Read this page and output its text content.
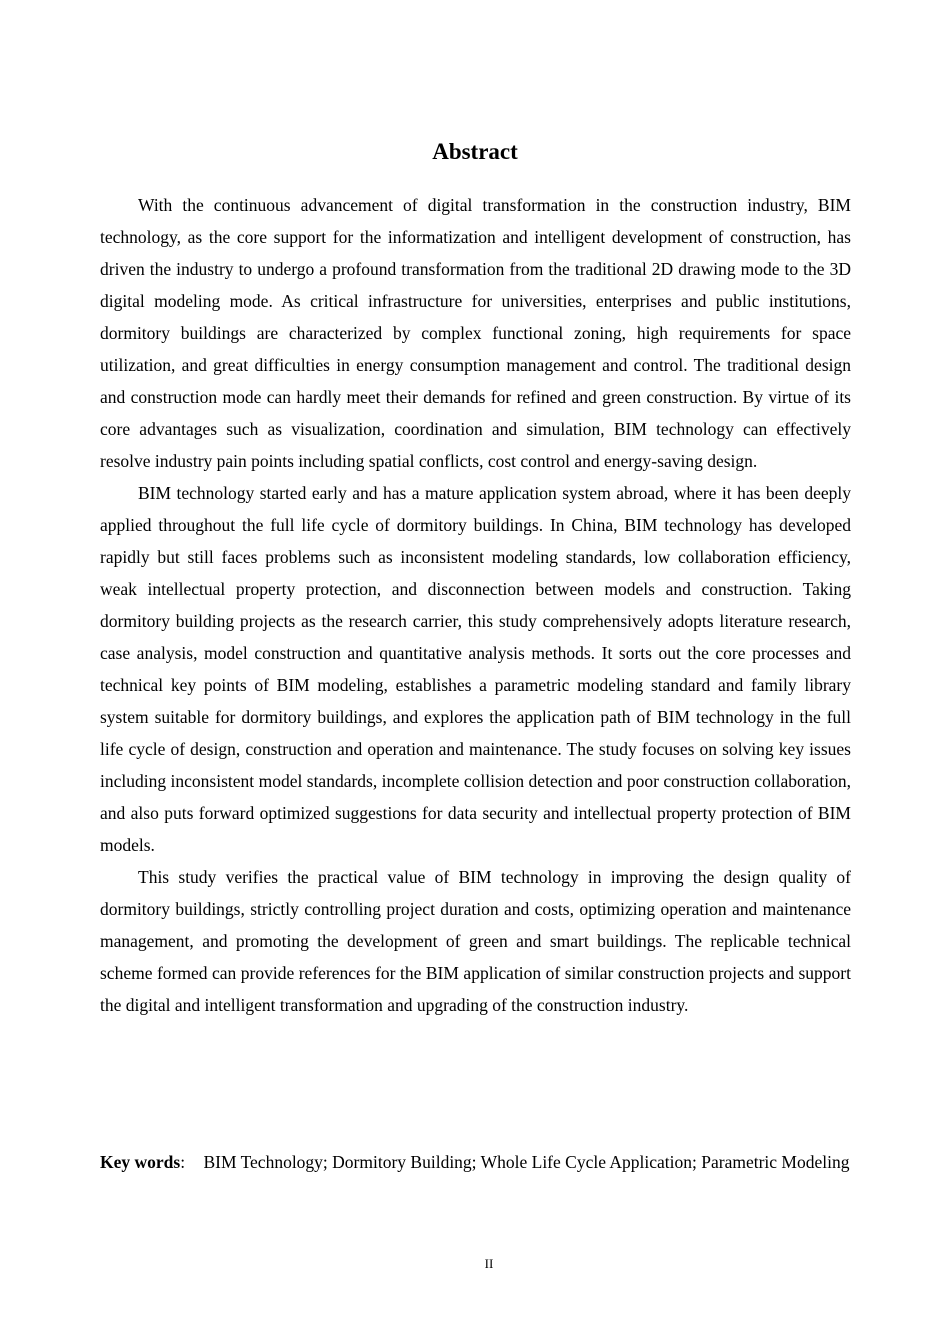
Abstract

With the continuous advancement of digital transformation in the construction industry, BIM technology, as the core support for the informatization and intelligent development of construction, has driven the industry to undergo a profound transformation from the traditional 2D drawing mode to the 3D digital modeling mode. As critical infrastructure for universities, enterprises and public institutions, dormitory buildings are characterized by complex functional zoning, high requirements for space utilization, and great difficulties in energy consumption management and control. The traditional design and construction mode can hardly meet their demands for refined and green construction. By virtue of its core advantages such as visualization, coordination and simulation, BIM technology can effectively resolve industry pain points including spatial conflicts, cost control and energy-saving design.

BIM technology started early and has a mature application system abroad, where it has been deeply applied throughout the full life cycle of dormitory buildings. In China, BIM technology has developed rapidly but still faces problems such as inconsistent modeling standards, low collaboration efficiency, weak intellectual property protection, and disconnection between models and construction. Taking dormitory building projects as the research carrier, this study comprehensively adopts literature research, case analysis, model construction and quantitative analysis methods. It sorts out the core processes and technical key points of BIM modeling, establishes a parametric modeling standard and family library system suitable for dormitory buildings, and explores the application path of BIM technology in the full life cycle of design, construction and operation and maintenance. The study focuses on solving key issues including inconsistent model standards, incomplete collision detection and poor construction collaboration, and also puts forward optimized suggestions for data security and intellectual property protection of BIM models.

This study verifies the practical value of BIM technology in improving the design quality of dormitory buildings, strictly controlling project duration and costs, optimizing operation and maintenance management, and promoting the development of green and smart buildings. The replicable technical scheme formed can provide references for the BIM application of similar construction projects and support the digital and intelligent transformation and upgrading of the construction industry.

Key words: BIM Technology; Dormitory Building; Whole Life Cycle Application; Parametric Modeling
II
